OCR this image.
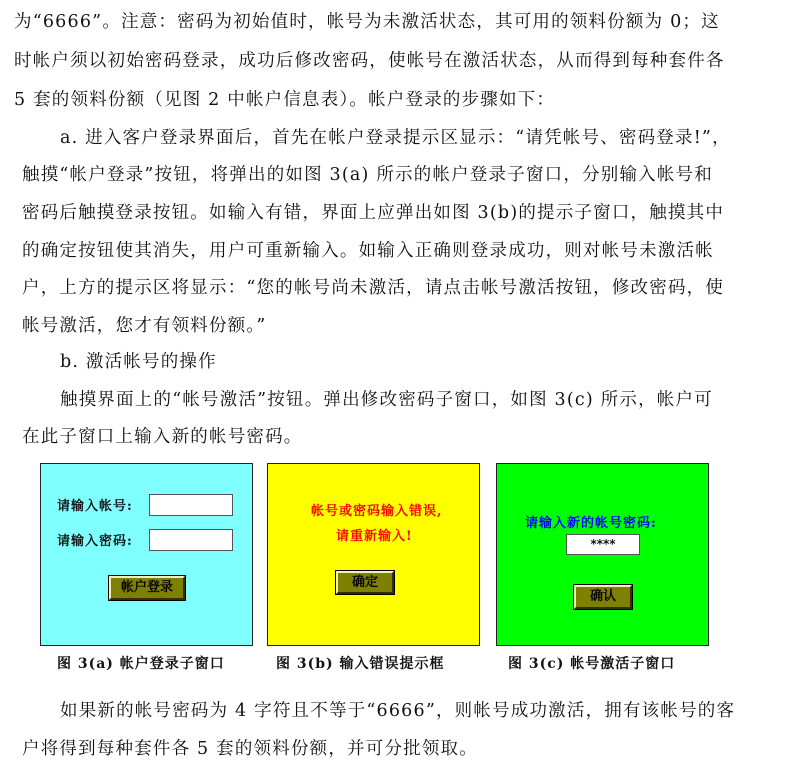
为“6666”。注意：密码为初始值时，帐号为未激活状态，其可用的领料份额为 0；这
时帐户须以初始密码登录，成功后修改密码，使帐号在激活状态，从而得到每种套件各
5 套的领料份额（见图 2 中帐户信息表）。帐户登录的步骤如下：
a. 进入客户登录界面后，首先在帐户登录提示区显示：“请凭帐号、密码登录!”，
触摸“帐户登录”按钮，将弹出的如图 3(a) 所示的帐户登录子窗口，分别输入帐号和
密码后触摸登录按钮。如输入有错，界面上应弹出如图 3(b)的提示子窗口，触摸其中
的确定按钮使其消失，用户可重新输入。如输入正确则登录成功，则对帐号未激活帐
户，上方的提示区将显示：“您的帐号尚未激活，请点击帐号激活按钮，修改密码，使
帐号激活，您才有领料份额。”
b. 激活帐号的操作
触摸界面上的“帐号激活”按钮。弹出修改密码子窗口，如图 3(c) 所示，帐户可
在此子窗口上输入新的帐号密码。
请输入帐号:
请输入密码:
帐户登录
帐号或密码输入错误,
请重新输入!
确定
请输入新的帐号密码:
****
确认
图 3(a) 帐户登录子窗口	图 3(b) 输入错误提示框	图 3(c) 帐号激活子窗口
如果新的帐号密码为 4 字符且不等于“6666”，则帐号成功激活，拥有该帐号的客
户将得到每种套件各 5 套的领料份额，并可分批领取。
